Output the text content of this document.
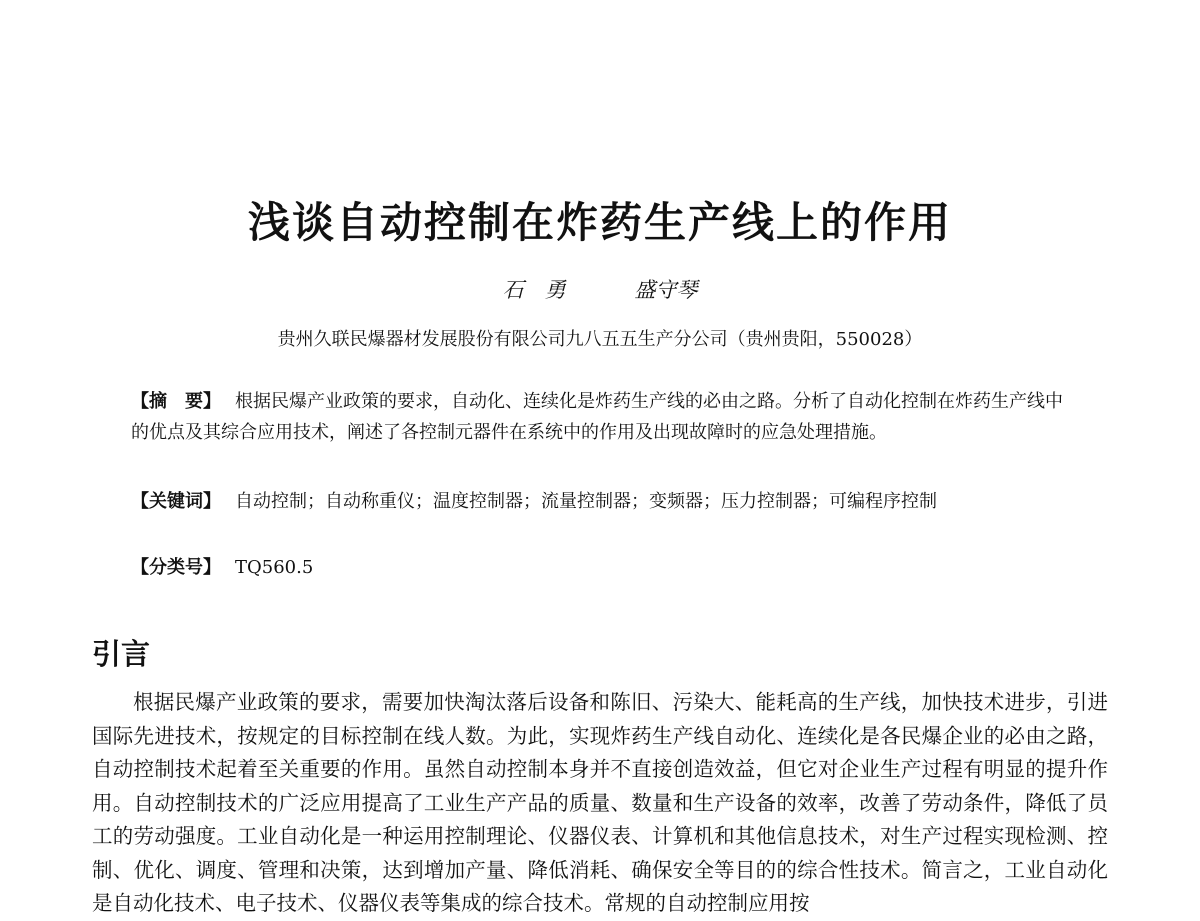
浅谈自动控制在炸药生产线上的作用
石　勇	盛守琴
贵州久联民爆器材发展股份有限公司九八五五生产分公司（贵州贵阳，550028）
【摘　要】 根据民爆产业政策的要求，自动化、连续化是炸药生产线的必由之路。分析了自动化控制在炸药生产线中的优点及其综合应用技术，阐述了各控制元器件在系统中的作用及出现故障时的应急处理措施。
【关键词】 自动控制；自动称重仪；温度控制器；流量控制器；变频器；压力控制器；可编程序控制
【分类号】 TQ560.5
引言

根据民爆产业政策的要求，需要加快淘汰落后设备和陈旧、污染大、能耗高的生产线，加快技术进步，引进国际先进技术，按规定的目标控制在线人数。为此，实现炸药生产线自动化、连续化是各民爆企业的必由之路，自动控制技术起着至关重要的作用。虽然自动控制本身并不直接创造效益，但它对企业生产过程有明显的提升作用。自动控制技术的广泛应用提高了工业生产产品的质量、数量和生产设备的效率，改善了劳动条件，降低了员工的劳动强度。工业自动化是一种运用控制理论、仪器仪表、计算机和其他信息技术，对生产过程实现检测、控制、优化、调度、管理和决策，达到增加产量、降低消耗、确保安全等目的的综合性技术。简言之，工业自动化是自动化技术、电子技术、仪器仪表等集成的综合技术。常规的自动控制应用按
